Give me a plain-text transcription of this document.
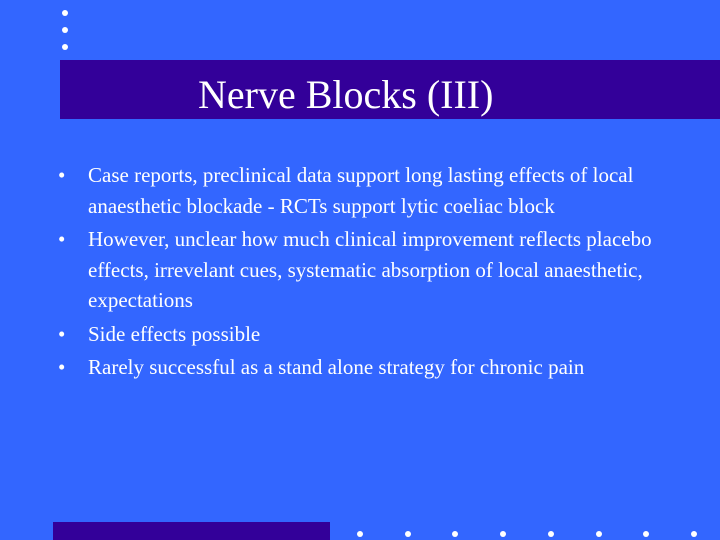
Nerve Blocks (III)
• Case reports, preclinical data support long lasting effects of local anaesthetic blockade - RCTs support lytic coeliac block
• However, unclear how much clinical improvement reflects placebo effects, irrevelant cues, systematic absorption of local anaesthetic, expectations
• Side effects possible
• Rarely successful as a stand alone strategy for chronic pain
